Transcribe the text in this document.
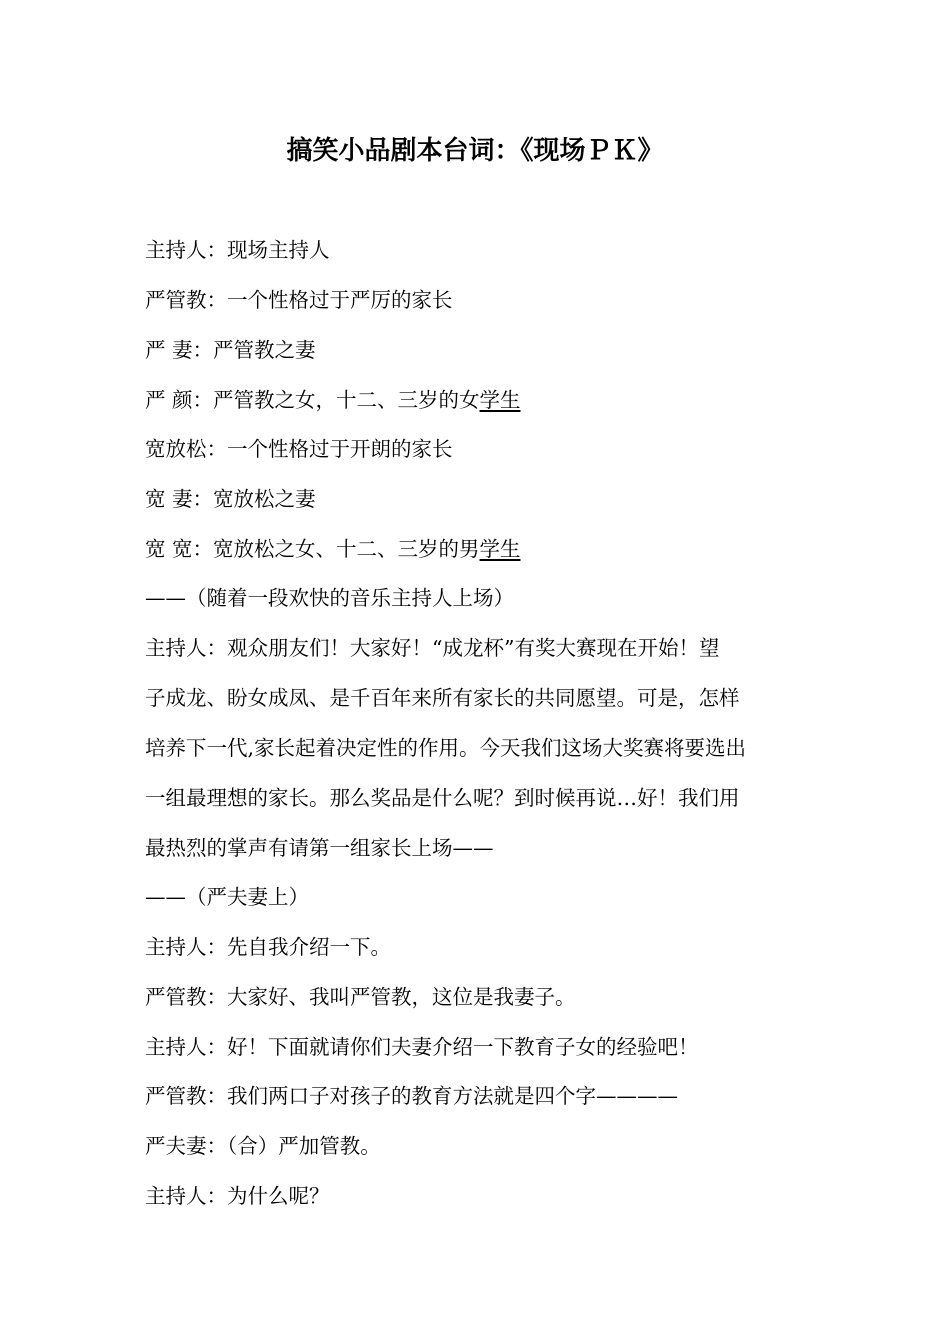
搞笑小品剧本台词：《现场ＰＫ》
主持人：现场主持人
严管教：一个性格过于严厉的家长
严 妻：严管教之妻
严 颜：严管教之女，十二、三岁的女学生
宽放松：一个性格过于开朗的家长
宽 妻：宽放松之妻
宽 宽：宽放松之女、十二、三岁的男学生
——（随着一段欢快的音乐主持人上场）
主持人：观众朋友们！大家好！“成龙杯”有奖大赛现在开始！望
子成龙、盼女成凤、是千百年来所有家长的共同愿望。可是，怎样
培养下一代,家长起着决定性的作用。今天我们这场大奖赛将要选出
一组最理想的家长。那么奖品是什么呢？到时候再说…好！我们用
最热烈的掌声有请第一组家长上场——
——（严夫妻上）
主持人：先自我介绍一下。
严管教：大家好、我叫严管教，这位是我妻子。
主持人：好！下面就请你们夫妻介绍一下教育子女的经验吧！
严管教：我们两口子对孩子的教育方法就是四个字————
严夫妻：（合）严加管教。
主持人：为什么呢？
